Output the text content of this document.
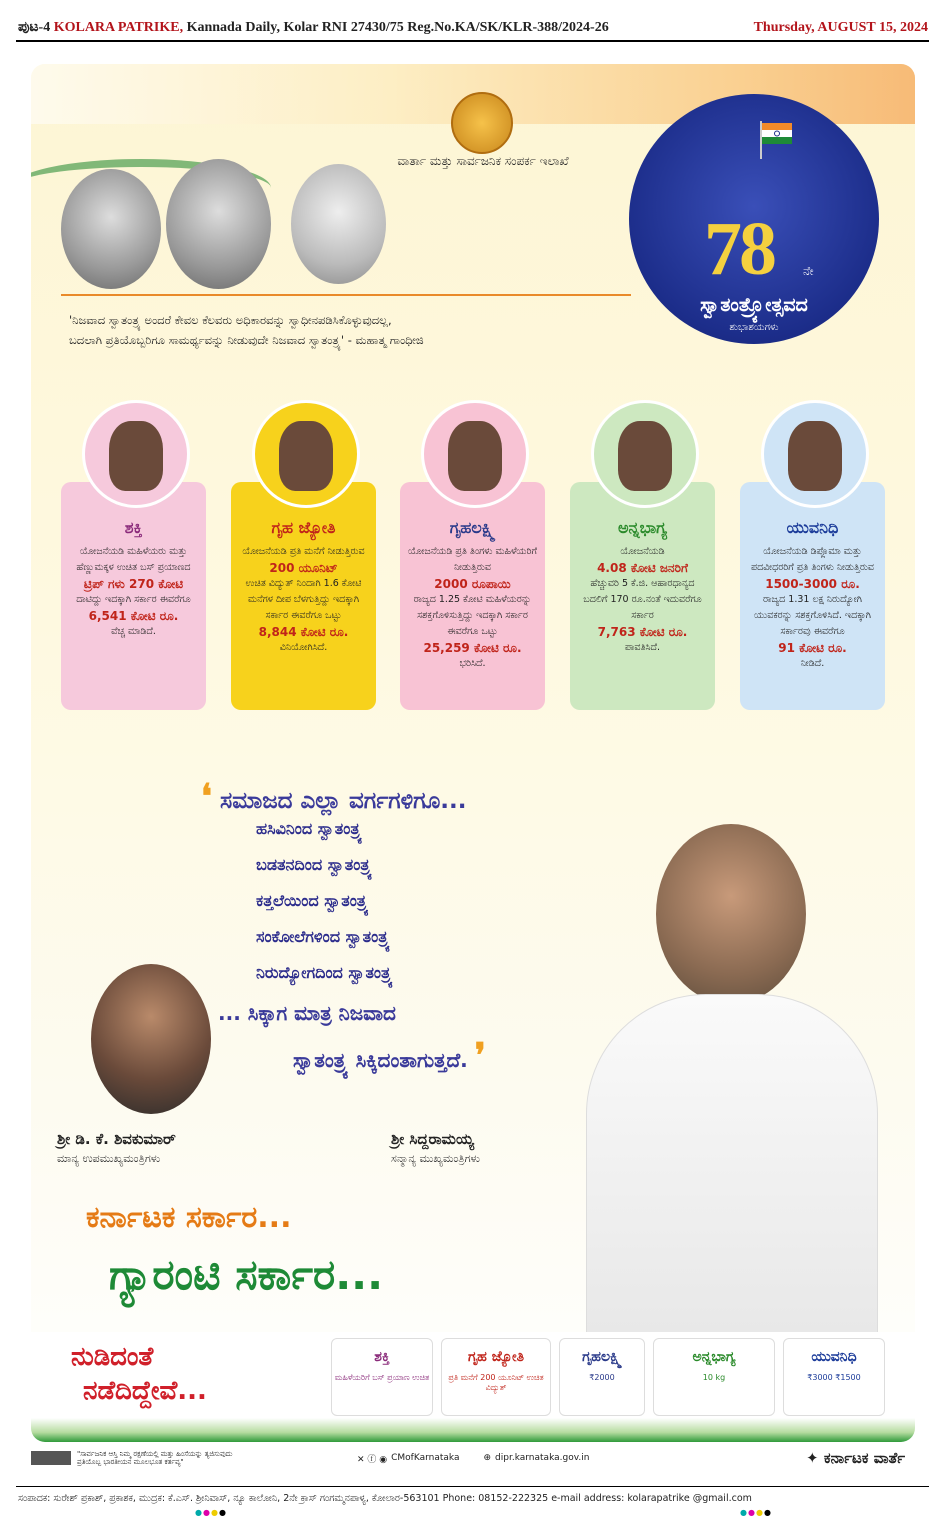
ಪುಟ-4 KOLARA PATRIKE, Kannada Daily, Kolar RNI 27430/75 Reg.No.KA/SK/KLR-388/2024-26	Thursday, AUGUST 15, 2024
ವಾರ್ತಾ ಮತ್ತು ಸಾರ್ವಜನಿಕ ಸಂಪರ್ಕ ಇಲಾಖೆ
78 ನೇ
ಸ್ವಾತಂತ್ರ್ಯೋತ್ಸವದ
ಶುಭಾಶಯಗಳು
'ನಿಜವಾದ ಸ್ವಾತಂತ್ರ್ಯ ಅಂದರೆ ಕೇವಲ ಕೆಲವರು ಅಧಿಕಾರವನ್ನು ಸ್ವಾಧೀನಪಡಿಸಿಕೊಳ್ಳುವುದಲ್ಲ,
ಬದಲಾಗಿ ಪ್ರತಿಯೊಬ್ಬರಿಗೂ ಸಾಮರ್ಥ್ಯವನ್ನು ನೀಡುವುದೇ ನಿಜವಾದ ಸ್ವಾತಂತ್ರ್ಯ' - ಮಹಾತ್ಮ ಗಾಂಧೀಜಿ
ಶಕ್ತಿ
ಯೋಜನೆಯಡಿ ಮಹಿಳೆಯರು ಮತ್ತು ಹೆಣ್ಣುಮಕ್ಕಳ ಉಚಿತ ಬಸ್ ಪ್ರಯಾಣದ
ಟ್ರಿಪ್ ಗಳು 270 ಕೋಟಿ
ದಾಟಿದ್ದು ಇದಕ್ಕಾಗಿ ಸರ್ಕಾರ ಈವರೆಗೂ
6,541 ಕೋಟಿ ರೂ.
ವೆಚ್ಚ ಮಾಡಿದೆ.
ಗೃಹ ಜ್ಯೋತಿ
ಯೋಜನೆಯಡಿ ಪ್ರತಿ ಮನೆಗೆ ನೀಡುತ್ತಿರುವ
200 ಯೂನಿಟ್
ಉಚಿತ ವಿದ್ಯುತ್ ನಿಂದಾಗಿ 1.6 ಕೋಟಿ ಮನೆಗಳ ದೀಪ ಬೆಳಗುತ್ತಿದ್ದು ಇದಕ್ಕಾಗಿ ಸರ್ಕಾರ ಈವರೆಗೂ ಒಟ್ಟು
8,844 ಕೋಟಿ ರೂ.
ವಿನಿಯೋಗಿಸಿದೆ.
ಗೃಹಲಕ್ಷ್ಮಿ
ಯೋಜನೆಯಡಿ ಪ್ರತಿ ತಿಂಗಳು ಮಹಿಳೆಯರಿಗೆ ನೀಡುತ್ತಿರುವ
2000 ರೂಪಾಯಿ
ರಾಜ್ಯದ 1.25 ಕೋಟಿ ಮಹಿಳೆಯರನ್ನು ಸಶಕ್ತಗೊಳಿಸುತ್ತಿದ್ದು ಇದಕ್ಕಾಗಿ ಸರ್ಕಾರ ಈವರೆಗೂ ಒಟ್ಟು
25,259 ಕೋಟಿ ರೂ.
ಭರಿಸಿದೆ.
ಅನ್ನಭಾಗ್ಯ
ಯೋಜನೆಯಡಿ
4.08 ಕೋಟಿ ಜನರಿಗೆ
ಹೆಚ್ಚುವರಿ 5 ಕೆ.ಜಿ. ಆಹಾರಧಾನ್ಯದ ಬದಲಿಗೆ 170 ರೂ.ನಂತೆ ಇದುವರೆಗೂ ಸರ್ಕಾರ
7,763 ಕೋಟಿ ರೂ.
ಪಾವತಿಸಿದೆ.
ಯುವನಿಧಿ
ಯೋಜನೆಯಡಿ ಡಿಪ್ಲೊಮಾ ಮತ್ತು ಪದವೀಧರರಿಗೆ ಪ್ರತಿ ತಿಂಗಳು ನೀಡುತ್ತಿರುವ
1500-3000 ರೂ.
ರಾಜ್ಯದ 1.31 ಲಕ್ಷ ನಿರುದ್ಯೋಗಿ ಯುವಕರನ್ನು ಸಶಕ್ತಗೊಳಿಸಿದೆ. ಇದಕ್ಕಾಗಿ ಸರ್ಕಾರವು ಈವರೆಗೂ
91 ಕೋಟಿ ರೂ.
ನೀಡಿದೆ.
❛ ಸಮಾಜದ ಎಲ್ಲಾ ವರ್ಗಗಳಿಗೂ...
ಹಸಿವಿನಿಂದ ಸ್ವಾತಂತ್ರ್ಯ
ಬಡತನದಿಂದ ಸ್ವಾತಂತ್ರ್ಯ
ಕತ್ತಲೆಯಿಂದ ಸ್ವಾತಂತ್ರ್ಯ
ಸಂಕೋಲೆಗಳಿಂದ ಸ್ವಾತಂತ್ರ್ಯ
ನಿರುದ್ಯೋಗದಿಂದ ಸ್ವಾತಂತ್ರ್ಯ
... ಸಿಕ್ಕಾಗ ಮಾತ್ರ ನಿಜವಾದ
ಸ್ವಾತಂತ್ರ್ಯ ಸಿಕ್ಕಿದಂತಾಗುತ್ತದೆ. ❜
ಶ್ರೀ ಡಿ. ಕೆ. ಶಿವಕುಮಾರ್
ಮಾನ್ಯ ಉಪಮುಖ್ಯಮಂತ್ರಿಗಳು
ಶ್ರೀ ಸಿದ್ದರಾಮಯ್ಯ
ಸನ್ಮಾನ್ಯ ಮುಖ್ಯಮಂತ್ರಿಗಳು
ಕರ್ನಾಟಕ ಸರ್ಕಾರ...
ಗ್ಯಾರಂಟಿ ಸರ್ಕಾರ...
ನುಡಿದಂತೆ
ನಡೆದಿದ್ದೇವೆ...
ಶಕ್ತಿ
ಮಹಿಳೆಯರಿಗೆ ಬಸ್ ಪ್ರಯಾಣ ಉಚಿತ
ಗೃಹ ಜ್ಯೋತಿ
ಪ್ರತಿ ಮನೆಗೆ 200 ಯೂನಿಟ್ ಉಚಿತ ವಿದ್ಯುತ್
ಗೃಹಲಕ್ಷ್ಮಿ
₹2000
ಅನ್ನಭಾಗ್ಯ
10 kg
ಯುವನಿಧಿ
₹3000 ₹1500
"ಸಾರ್ವಜನಿಕ ಆಸ್ತಿ ನಿಮ್ಮ ರಕ್ಷಣೆಯಲ್ಲಿ ಮತ್ತು ಹಿಂಸೆಯನ್ನು ತ್ಯಜಿಸುವುದು ಪ್ರತಿಯೊಬ್ಬ ಭಾರತೀಯನ ಮೂಲಭೂತ ಕರ್ತವ್ಯ"	✕ ⓕ ◉ CMofKarnataka	⊕ dipr.karnataka.gov.in	✦ ಕರ್ನಾಟಕ ವಾರ್ತೆ
ಸಂಪಾದಕ: ಸುರೇಶ್ ಪ್ರಕಾಶ್, ಪ್ರಕಾಶಕ, ಮುದ್ರಕ: ಕೆ.ಎಸ್. ಶ್ರೀನಿವಾಸ್, ನ್ಯೂ ಕಾಲೋನಿ, 2ನೇ ಕ್ರಾಸ್ ಗಂಗಮ್ಮನಪಾಳ್ಯ, ಕೋಲಾರ-563101 Phone: 08152-222325 e-mail address: kolarapatrike @gmail.com
●●●●	●●●●
